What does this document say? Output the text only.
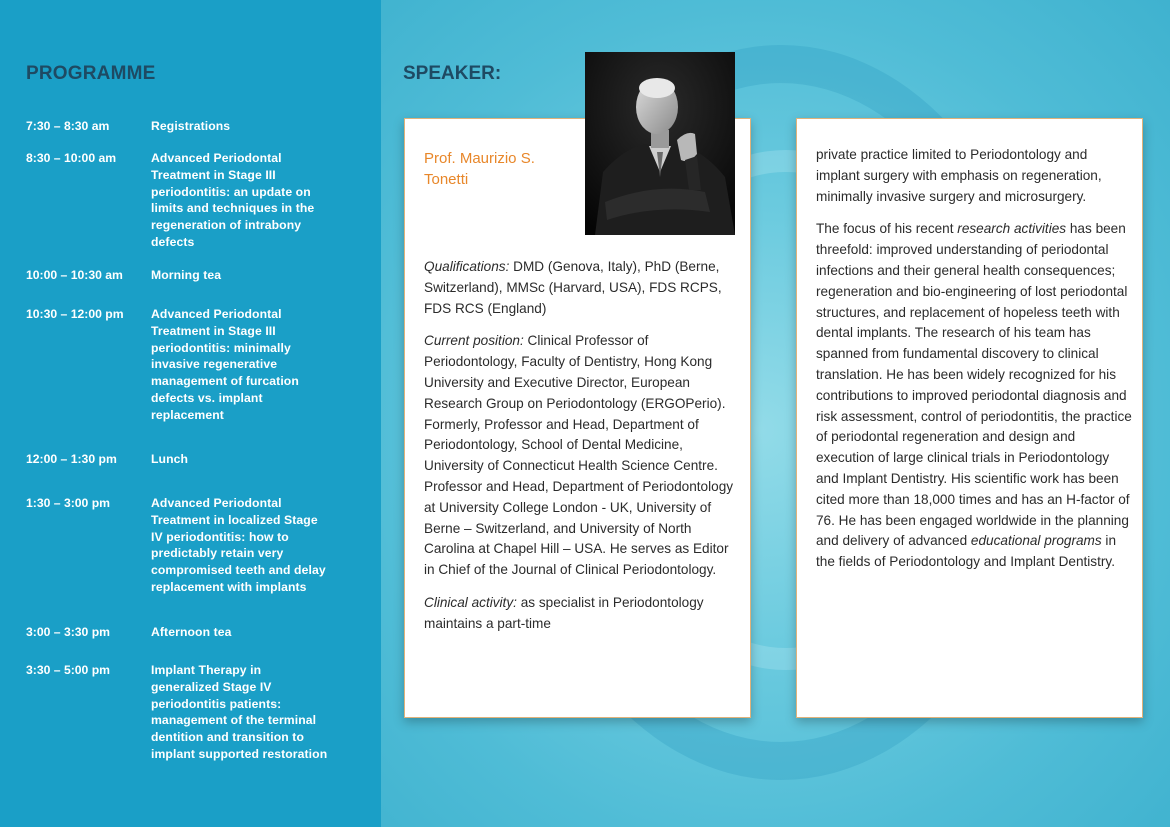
PROGRAMME
7:30 – 8:30 am	Registrations
8:30 – 10:00 am	Advanced Periodontal
Treatment in Stage III
periodontitis: an update on
limits and techniques in the
regeneration of intrabony
defects
10:00 – 10:30 am	Morning tea
10:30 – 12:00 pm	Advanced Periodontal
Treatment in Stage III
periodontitis: minimally
invasive regenerative
management of furcation
defects vs. implant
replacement
12:00 – 1:30 pm	Lunch
1:30 – 3:00 pm	Advanced Periodontal
Treatment in localized Stage
IV periodontitis: how to
predictably retain very
compromised teeth and delay
replacement with implants
3:00 – 3:30 pm	Afternoon tea
3:30 – 5:00 pm	Implant Therapy in
generalized Stage IV
periodontitis patients:
management of the terminal
dentition and transition to
implant supported restoration
SPEAKER:
Prof. Maurizio S. Tonetti

Qualifications: DMD (Genova, Italy), PhD (Berne, Switzerland), MMSc (Harvard, USA), FDS RCPS, FDS RCS (England)

Current position: Clinical Professor of Periodontology, Faculty of Dentistry, Hong Kong University and Executive Director, European Research Group on Periodontology (ERGOPerio). Formerly, Professor and Head, Department of Periodontology, School of Dental Medicine, University of Connecticut Health Science Centre. Professor and Head, Department of Periodontology at University College London - UK, University of Berne – Switzerland, and University of North Carolina at Chapel Hill – USA. He serves as Editor in Chief of the Journal of Clinical Periodontology.

Clinical activity: as specialist in Periodontology maintains a part-time

private practice limited to Periodontology and implant surgery with emphasis on regeneration, minimally invasive surgery and microsurgery.

The focus of his recent research activities has been threefold: improved understanding of periodontal infections and their general health consequences; regeneration and bio-engineering of lost periodontal structures, and replacement of hopeless teeth with dental implants. The research of his team has spanned from fundamental discovery to clinical translation. He has been widely recognized for his contributions to improved periodontal diagnosis and risk assessment, control of periodontitis, the practice of periodontal regeneration and design and execution of large clinical trials in Periodontology and Implant Dentistry. His scientific work has been cited more than 18,000 times and has an H-factor of 76. He has been engaged worldwide in the planning and delivery of advanced educational programs in the fields of Periodontology and Implant Dentistry.
